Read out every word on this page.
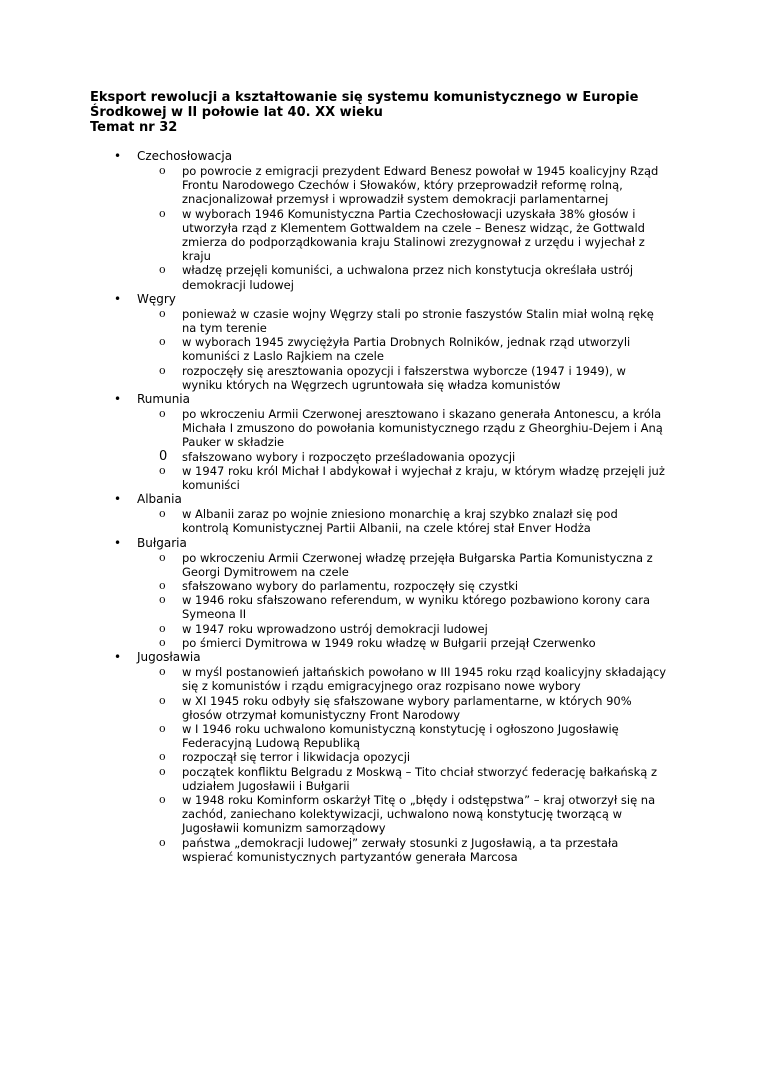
Eksport rewolucji a kształtowanie się systemu komunistycznego w Europie
Środkowej w II połowie lat 40. XX wieku
Temat nr 32
• Czechosłowacja
o po powrocie z emigracji prezydent Edward Benesz powołał w 1945 koalicyjny Rząd
Frontu Narodowego Czechów i Słowaków, który przeprowadził reformę rolną,
znacjonalizował przemysł i wprowadził system demokracji parlamentarnej
o w wyborach 1946 Komunistyczna Partia Czechosłowacji uzyskała 38% głosów i
utworzyła rząd z Klementem Gottwaldem na czele – Benesz widząc, że Gottwald
zmierza do podporządkowania kraju Stalinowi zrezygnował z urzędu i wyjechał z
kraju
o władzę przejęli komuniści, a uchwalona przez nich konstytucja określała ustrój
demokracji ludowej
• Węgry
o ponieważ w czasie wojny Węgrzy stali po stronie faszystów Stalin miał wolną rękę
na tym terenie
o w wyborach 1945 zwyciężyła Partia Drobnych Rolników, jednak rząd utworzyli
komuniści z Laslo Rajkiem na czele
o rozpoczęły się aresztowania opozycji i fałszerstwa wyborcze (1947 i 1949), w
wyniku których na Węgrzech ugruntowała się władza komunistów
• Rumunia
o po wkroczeniu Armii Czerwonej aresztowano i skazano generała Antonescu, a króla
Michała I zmuszono do powołania komunistycznego rządu z Gheorghiu-Dejem i Aną
Pauker w składzie
0 sfałszowano wybory i rozpoczęto prześladowania opozycji
o w 1947 roku król Michał I abdykował i wyjechał z kraju, w którym władzę przejęli już
komuniści
• Albania
o w Albanii zaraz po wojnie zniesiono monarchię a kraj szybko znalazł się pod
kontrolą Komunistycznej Partii Albanii, na czele której stał Enver Hodża
• Bułgaria
o po wkroczeniu Armii Czerwonej władzę przejęła Bułgarska Partia Komunistyczna z
Georgi Dymitrowem na czele
o sfałszowano wybory do parlamentu, rozpoczęły się czystki
o w 1946 roku sfałszowano referendum, w wyniku którego pozbawiono korony cara
Symeona II
o w 1947 roku wprowadzono ustrój demokracji ludowej
o po śmierci Dymitrowa w 1949 roku władzę w Bułgarii przejął Czerwenko
• Jugosławia
o w myśl postanowień jałtańskich powołano w III 1945 roku rząd koalicyjny składający
się z komunistów i rządu emigracyjnego oraz rozpisano nowe wybory
o w XI 1945 roku odbyły się sfałszowane wybory parlamentarne, w których 90%
głosów otrzymał komunistyczny Front Narodowy
o w I 1946 roku uchwalono komunistyczną konstytucję i ogłoszono Jugosławię
Federacyjną Ludową Republiką
o rozpoczął się terror i likwidacja opozycji
o początek konfliktu Belgradu z Moskwą – Tito chciał stworzyć federację bałkańską z
udziałem Jugosławii i Bułgarii
o w 1948 roku Kominform oskarżył Titę o „błędy i odstępstwa” – kraj otworzył się na
zachód, zaniechano kolektywizacji, uchwalono nową konstytucję tworzącą w
Jugosławii komunizm samorządowy
o państwa „demokracji ludowej” zerwały stosunki z Jugosławią, a ta przestała
wspierać komunistycznych partyzantów generała Marcosa
